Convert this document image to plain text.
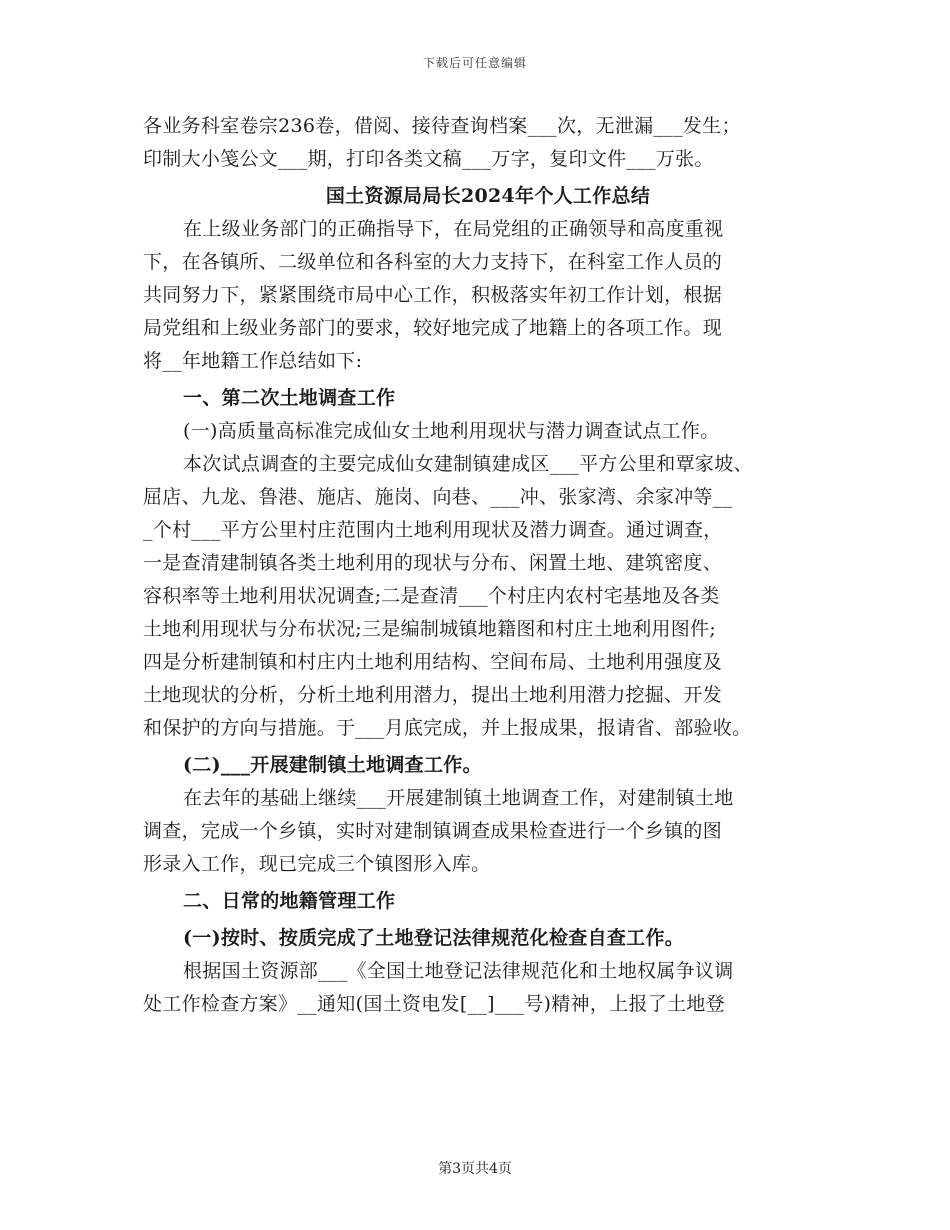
下载后可任意编辑
各业务科室卷宗236卷，借阅、接待查询档案___次，无泄漏___发生；
印制大小笺公文___期，打印各类文稿___万字，复印文件___万张。
国土资源局局长2024年个人工作总结
在上级业务部门的正确指导下，在局党组的正确领导和高度重视
下，在各镇所、二级单位和各科室的大力支持下，在科室工作人员的
共同努力下，紧紧围绕市局中心工作，积极落实年初工作计划，根据
局党组和上级业务部门的要求，较好地完成了地籍上的各项工作。现
将__年地籍工作总结如下:
一、第二次土地调查工作
(一)高质量高标准完成仙女土地利用现状与潜力调查试点工作。
本次试点调查的主要完成仙女建制镇建成区___平方公里和覃家坡、
屈店、九龙、鲁港、施店、施岗、向巷、___冲、张家湾、余家冲等__
_个村___平方公里村庄范围内土地利用现状及潜力调查。通过调查，
一是查清建制镇各类土地利用的现状与分布、闲置土地、建筑密度、
容积率等土地利用状况调查;二是查清___个村庄内农村宅基地及各类
土地利用现状与分布状况;三是编制城镇地籍图和村庄土地利用图件;
四是分析建制镇和村庄内土地利用结构、空间布局、土地利用强度及
土地现状的分析，分析土地利用潜力，提出土地利用潜力挖掘、开发
和保护的方向与措施。于___月底完成，并上报成果，报请省、部验收。
(二)___开展建制镇土地调查工作。
在去年的基础上继续___开展建制镇土地调查工作，对建制镇土地
调查，完成一个乡镇，实时对建制镇调查成果检查进行一个乡镇的图
形录入工作，现已完成三个镇图形入库。
二、日常的地籍管理工作
(一)按时、按质完成了土地登记法律规范化检查自查工作。
根据国土资源部___《全国土地登记法律规范化和土地权属争议调
处工作检查方案》__通知(国土资电发[__]___号)精神，上报了土地登
第3页共4页
